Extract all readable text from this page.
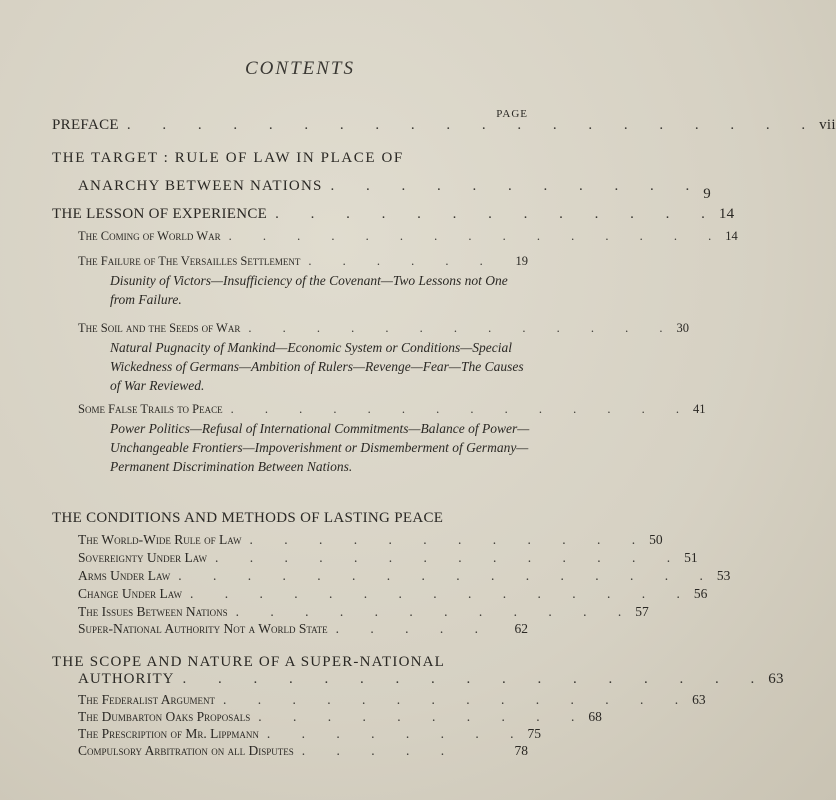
CONTENTS
PAGE
PREFACE . . . . . . . . . . . . . . . . . . . . vii
THE TARGET : RULE OF LAW IN PLACE OF
ANARCHY BETWEEN NATIONS . . . . . . . . . . . 9
THE LESSON OF EXPERIENCE . . . . . . . . . . . . . 14
The Coming of World War . . . . . . . . . . . . . . . 14
The Failure of The Versailles Settlement . . . . . .	19
Disunity of Victors—Insufficiency of the Covenant—Two Lessons not One from Failure.
The Soil and the Seeds of War . . . . . . . . . . . . . 30
Natural Pugnacity of Mankind—Economic System or Conditions—Special Wickedness of Germans—Ambition of Rulers—Revenge—Fear—The Causes of War Reviewed.
Some False Trails to Peace . . . . . . . . . . . . . . 41
Power Politics—Refusal of International Commitments—Balance of Power—Unchangeable Frontiers—Impoverishment or Dismemberment of Germany—Permanent Discrimination Between Nations.
THE CONDITIONS AND METHODS OF LASTING PEACE
The World-Wide Rule of Law . . . . . . . . . . . . 50
Sovereignty Under Law . . . . . . . . . . . . . . 51
Arms Under Law . . . . . . . . . . . . . . . . 53
Change Under Law . . . . . . . . . . . . . . . 56
The Issues Between Nations . . . . . . . . . . . . 57
Super-National Authority Not a World State . . . . .	62
THE SCOPE AND NATURE OF A SUPER-NATIONAL
AUTHORITY . . . . . . . . . . . . . . . . . 63
The Federalist Argument . . . . . . . . . . . . . . 63
The Dumbarton Oaks Proposals . . . . . . . . . . 68
The Prescription of Mr. Lippmann . . . . . . . . 75
Compulsory Arbitration on all Disputes . . . . .	78
